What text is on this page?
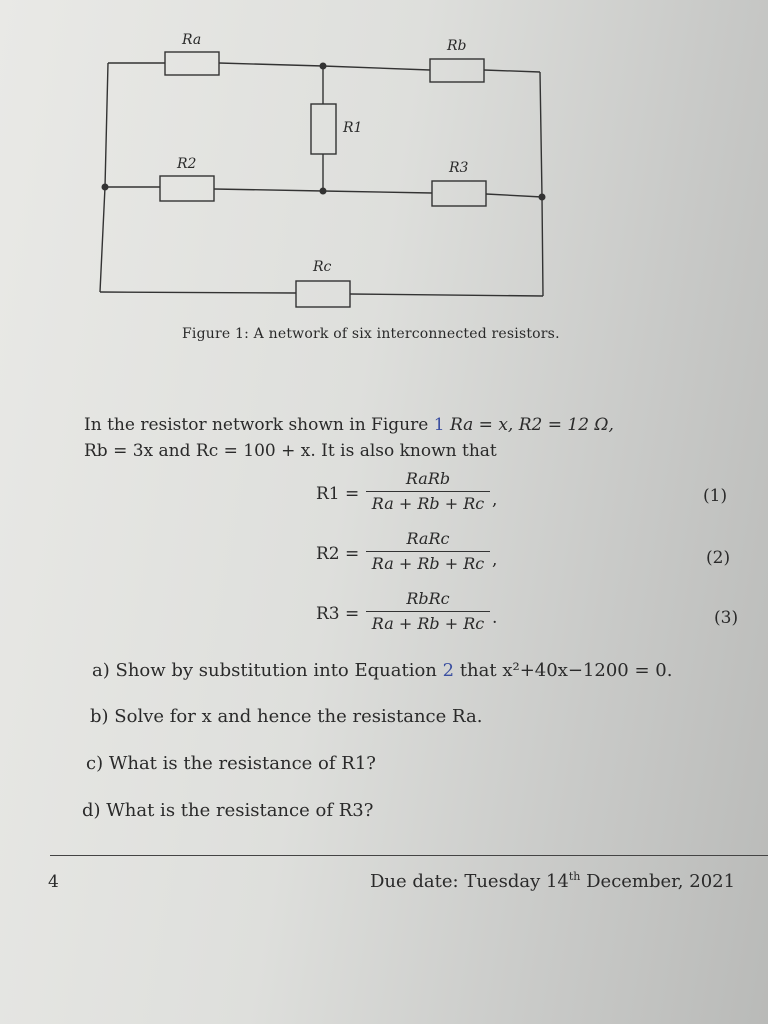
Ra	Rb
R1
R2	R3
Rc
Figure 1: A network of six interconnected resistors.
In the resistor network shown in Figure 1 Ra = x, R2 = 12 Ω,
Rb = 3x and Rc = 100 + x. It is also known that
R1 =
RaRb
Ra + Rb + Rc ,	(1)
R2 =
RaRc
Ra + Rb + Rc ,	(2)
R3 =
RbRc
Ra + Rb + Rc .	(3)
a) Show by substitution into Equation 2 that x²+40x−1200 = 0.
b) Solve for x and hence the resistance Ra.
c) What is the resistance of R1?
d) What is the resistance of R3?
4	Due date: Tuesday 14th December, 2021
